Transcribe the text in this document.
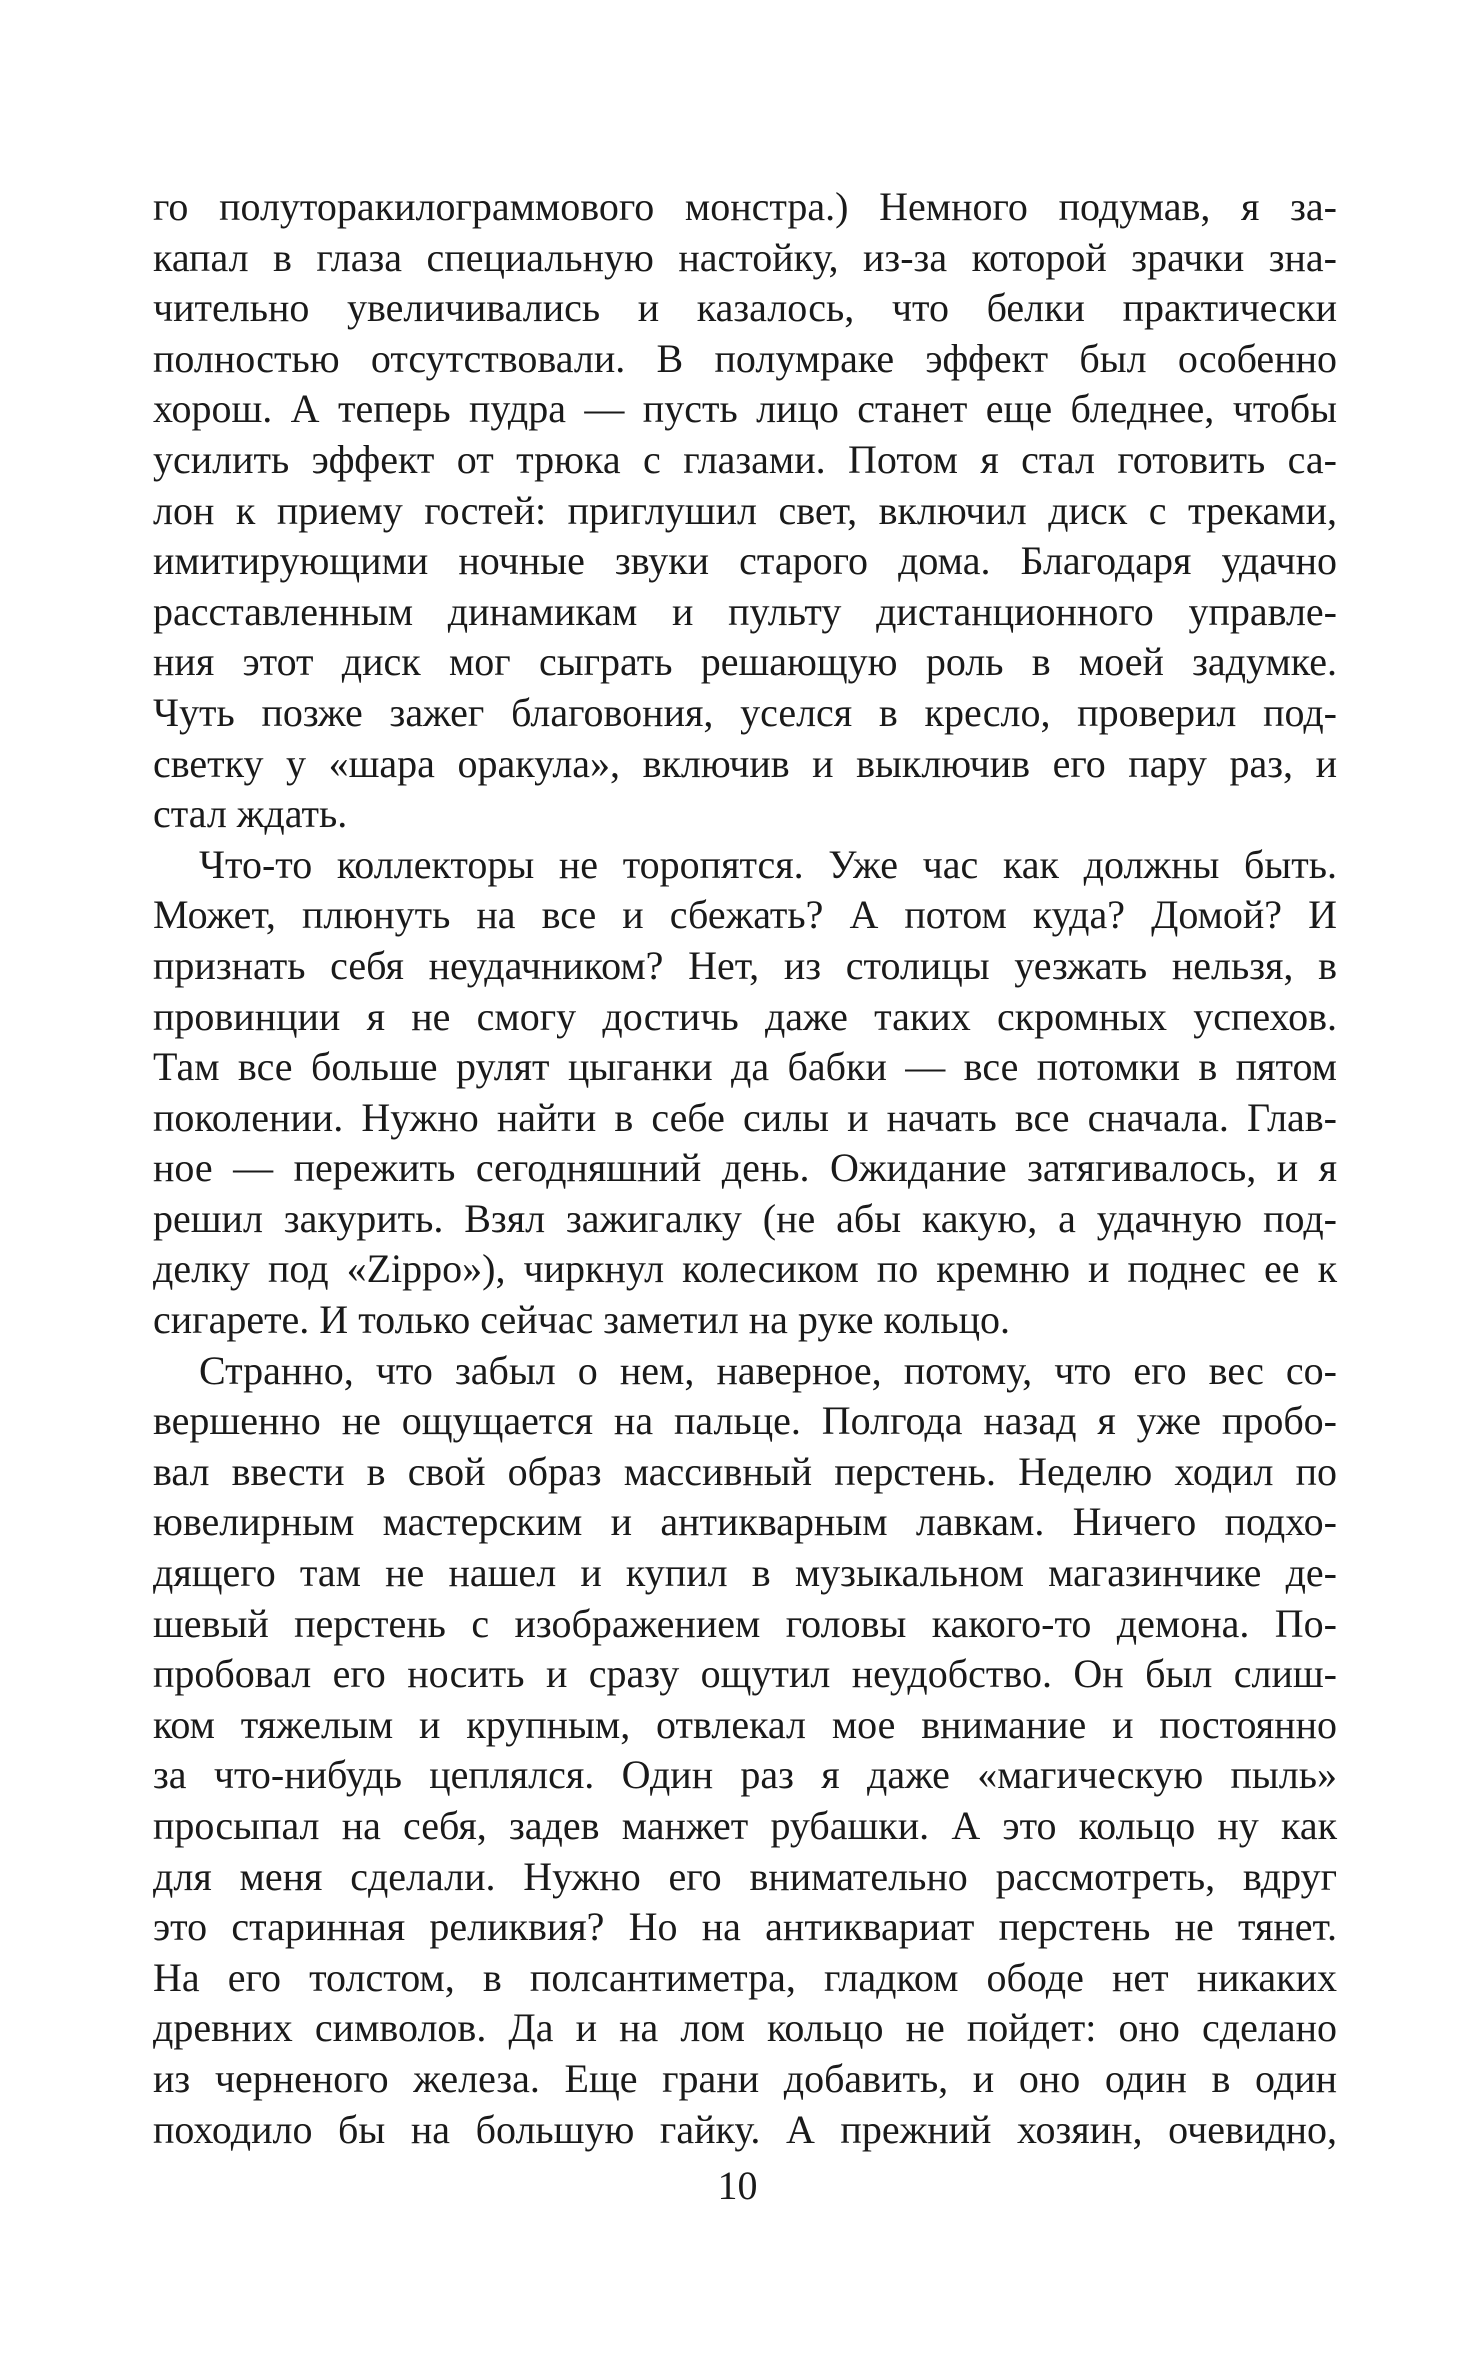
го полуторакилограммового монстра.) Немного подумав, я за-
капал в глаза специальную настойку, из-за которой зрачки зна-
чительно увеличивались и казалось, что белки практически
полностью отсутствовали. В полумраке эффект был особенно
хорош. А теперь пудра — пусть лицо станет еще бледнее, чтобы
усилить эффект от трюка с глазами. Потом я стал готовить са-
лон к приему гостей: приглушил свет, включил диск с треками,
имитирующими ночные звуки старого дома. Благодаря удачно
расставленным динамикам и пульту дистанционного управле-
ния этот диск мог сыграть решающую роль в моей задумке.
Чуть позже зажег благовония, уселся в кресло, проверил под-
светку у «шара оракула», включив и выключив его пару раз, и
стал ждать.
Что-то коллекторы не торопятся. Уже час как должны быть.
Может, плюнуть на все и сбежать? А потом куда? Домой? И
признать себя неудачником? Нет, из столицы уезжать нельзя, в
провинции я не смогу достичь даже таких скромных успехов.
Там все больше рулят цыганки да бабки — все потомки в пятом
поколении. Нужно найти в себе силы и начать все сначала. Глав-
ное — пережить сегодняшний день. Ожидание затягивалось, и я
решил закурить. Взял зажигалку (не абы какую, а удачную под-
делку под «Zippo»), чиркнул колесиком по кремню и поднес ее к
сигарете. И только сейчас заметил на руке кольцо.
Странно, что забыл о нем, наверное, потому, что его вес со-
вершенно не ощущается на пальце. Полгода назад я уже пробо-
вал ввести в свой образ массивный перстень. Неделю ходил по
ювелирным мастерским и антикварным лавкам. Ничего подхо-
дящего там не нашел и купил в музыкальном магазинчике де-
шевый перстень с изображением головы какого-то демона. По-
пробовал его носить и сразу ощутил неудобство. Он был слиш-
ком тяжелым и крупным, отвлекал мое внимание и постоянно
за что-нибудь цеплялся. Один раз я даже «магическую пыль»
просыпал на себя, задев манжет рубашки. А это кольцо ну как
для меня сделали. Нужно его внимательно рассмотреть, вдруг
это старинная реликвия? Но на антиквариат перстень не тянет.
На его толстом, в полсантиметра, гладком ободе нет никаких
древних символов. Да и на лом кольцо не пойдет: оно сделано
из черненого железа. Еще грани добавить, и оно один в один
походило бы на большую гайку. А прежний хозяин, очевидно,
10
